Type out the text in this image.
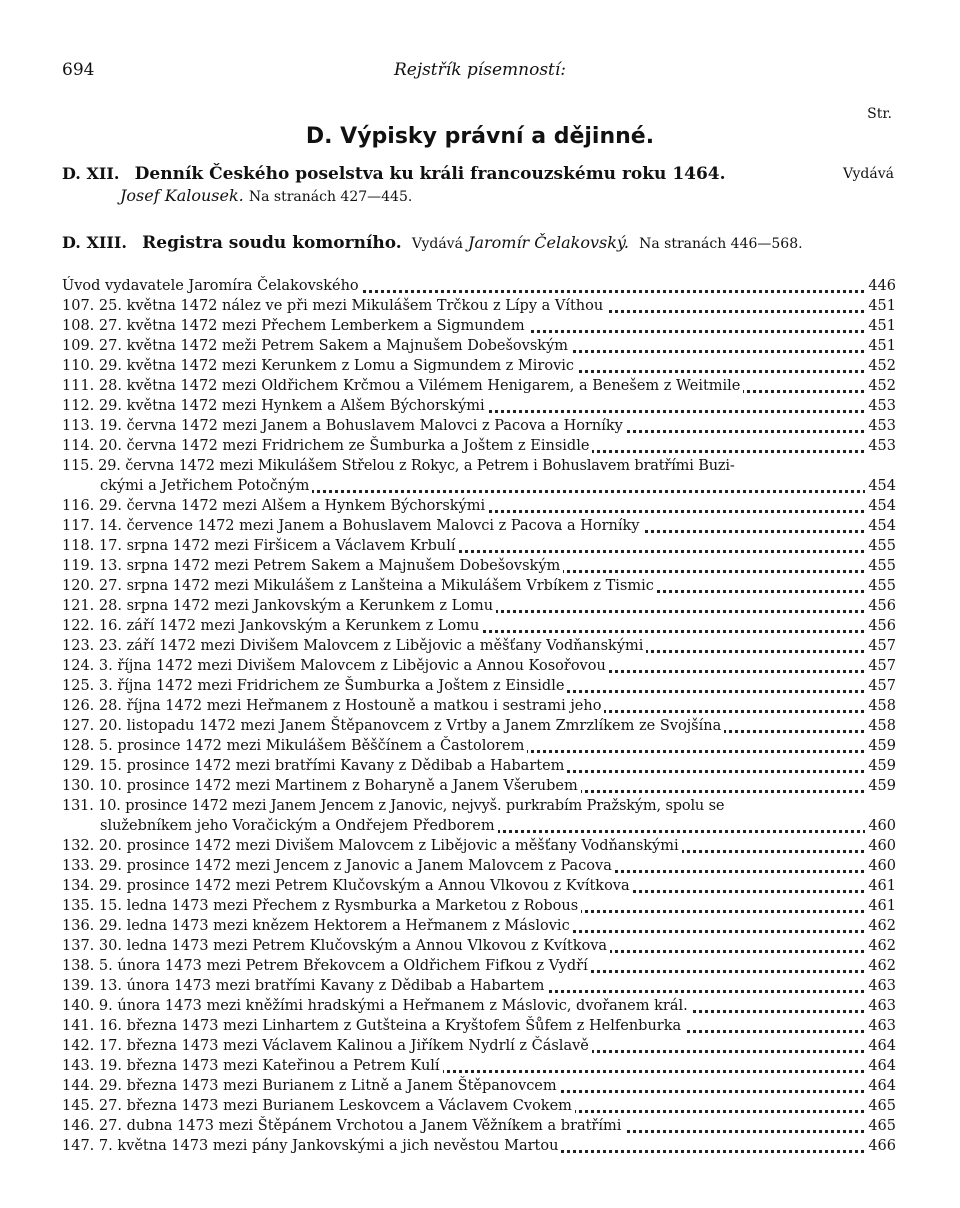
694	Rejstřík písemností:
Str.
D. Výpisky právní a dějinné.
Vydává
D. XII. Denník Českého poselstva ku králi francouzskému roku 1464.
Josef Kalousek. Na stranách 427—445.
D. XIII. Registra soudu komorního. Vydává Jaromír Čelakovský. Na stranách 446—568.
Úvod vydavatele Jaromíra Čelakovského	446
107. 25. května 1472 nález ve při mezi Mikulášem Trčkou z Lípy a Víthou	451
108. 27. května 1472 mezi Přechem Lemberkem a Sigmundem	451
109. 27. května 1472 meži Petrem Sakem a Majnušem Dobešovským	451
110. 29. května 1472 mezi Kerunkem z Lomu a Sigmundem z Mirovic	452
111. 28. května 1472 mezi Oldřichem Krčmou a Vilémem Henigarem, a Benešem z Weitmile	452
112. 29. května 1472 mezi Hynkem a Alšem Býchorskými	453
113. 19. června 1472 mezi Janem a Bohuslavem Malovci z Pacova a Horníky	453
114. 20. června 1472 mezi Fridrichem ze Šumburka a Joštem z Einsidle	453
115. 29. června 1472 mezi Mikulášem Střelou z Rokyc, a Petrem i Bohuslavem bratřími Buzi-
ckými a Jetřichem Potočným	454
116. 29. června 1472 mezi Alšem a Hynkem Býchorskými	454
117. 14. července 1472 mezi Janem a Bohuslavem Malovci z Pacova a Horníky	454
118. 17. srpna 1472 mezi Firšicem a Václavem Krbulí	455
119. 13. srpna 1472 mezi Petrem Sakem a Majnušem Dobešovským	455
120. 27. srpna 1472 mezi Mikulášem z Lanšteina a Mikulášem Vrbíkem z Tismic	455
121. 28. srpna 1472 mezi Jankovským a Kerunkem z Lomu	456
122. 16. září 1472 mezi Jankovským a Kerunkem z Lomu	456
123. 23. září 1472 mezi Divišem Malovcem z Libějovic a měšťany Vodňanskými	457
124. 3. října 1472 mezi Divišem Malovcem z Libějovic a Annou Kosořovou	457
125. 3. října 1472 mezi Fridrichem ze Šumburka a Joštem z Einsidle	457
126. 28. října 1472 mezi Heřmanem z Hostouně a matkou i sestrami jeho	458
127. 20. listopadu 1472 mezi Janem Štěpanovcem z Vrtby a Janem Zmrzlíkem ze Svojšína	458
128. 5. prosince 1472 mezi Mikulášem Běščínem a Častolorem	459
129. 15. prosince 1472 mezi bratřími Kavany z Dědibab a Habartem	459
130. 10. prosince 1472 mezi Martinem z Boharyně a Janem Všerubem	459
131. 10. prosince 1472 mezi Janem Jencem z Janovic, nejvyš. purkrabím Pražským, spolu se
služebníkem jeho Voračickým a Ondřejem Předborem	460
132. 20. prosince 1472 mezi Divišem Malovcem z Libějovic a měšťany Vodňanskými	460
133. 29. prosince 1472 mezi Jencem z Janovic a Janem Malovcem z Pacova	460
134. 29. prosince 1472 mezi Petrem Klučovským a Annou Vlkovou z Kvítkova	461
135. 15. ledna 1473 mezi Přechem z Rysmburka a Marketou z Robous	461
136. 29. ledna 1473 mezi knězem Hektorem a Heřmanem z Máslovic	462
137. 30. ledna 1473 mezi Petrem Klučovským a Annou Vlkovou z Kvítkova	462
138. 5. února 1473 mezi Petrem Břekovcem a Oldřichem Fifkou z Vydří	462
139. 13. února 1473 mezi bratřími Kavany z Dědibab a Habartem	463
140. 9. února 1473 mezi kněžími hradskými a Heřmanem z Máslovic, dvořanem král.	463
141. 16. března 1473 mezi Linhartem z Gutšteina a Kryštofem Šůfem z Helfenburka	463
142. 17. března 1473 mezi Václavem Kalinou a Jiříkem Nydrlí z Čáslavě	464
143. 19. března 1473 mezi Kateřinou a Petrem Kulí	464
144. 29. března 1473 mezi Burianem z Litně a Janem Štěpanovcem	464
145. 27. března 1473 mezi Burianem Leskovcem a Václavem Cvokem	465
146. 27. dubna 1473 mezi Štěpánem Vrchotou a Janem Věžníkem a bratřími	465
147. 7. května 1473 mezi pány Jankovskými a jich nevěstou Martou	466
